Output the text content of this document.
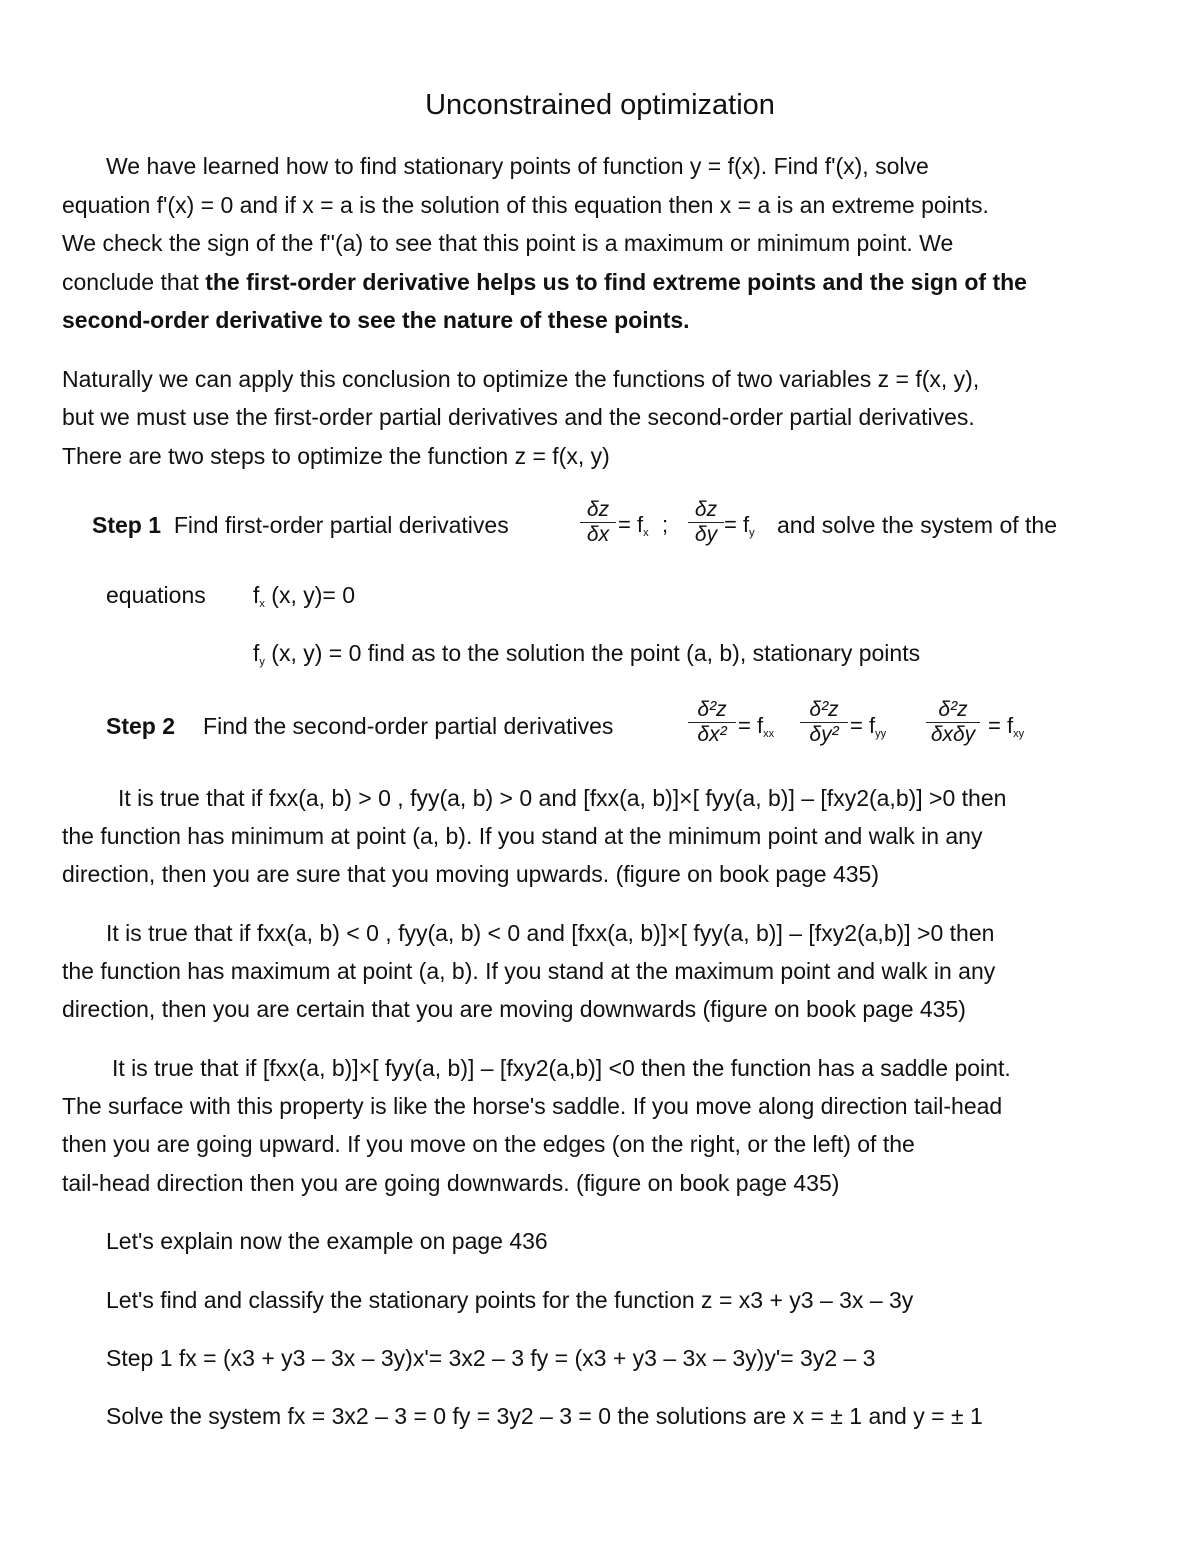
Unconstrained optimization
We have learned how to find stationary points of function y = f(x). Find f'(x), solve
equation f'(x) = 0 and if x = a is the solution of this equation then x = a is an extreme points.
We check the sign of the f''(a) to see that this point is a maximum or minimum point. We
conclude that the first-order derivative helps us to find extreme points and the sign of the
second-order derivative to see the nature of these points.
Naturally we can apply this conclusion to optimize the functions of two variables z = f(x, y),
but we must use the first-order partial derivatives and the second-order partial derivatives.
There are two steps to optimize the function z = f(x, y)
Step 1 Find first-order partial derivatives	$\frac{\delta z}{\delta x} = f_x$ ; $\frac{\delta z}{\delta y} = f_y$ and solve the system of the
equations $f_x$ (x, y)= 0
$f_y$ (x, y) = 0 find as to the solution the point (a, b), stationary points
Step 2 Find the second-order partial derivatives	$\frac{\text{δ²z}}{\text{δx²}} = f_{xx} \frac{\text{δ²z}}{\text{δy²}} = f_{yy}$
δ²z
$\delta x\delta y = f_{xy}$
It is true that if fxx(a, b) > 0 , fyy(a, b) > 0 and [fxx(a, b)]×[ fyy(a, b)] – [fxy2(a,b)] >0 then
the function has minimum at point (a, b). If you stand at the minimum point and walk in any
direction, then you are sure that you moving upwards. (figure on book page 435)
It is true that if fxx(a, b) < 0 , fyy(a, b) < 0 and [fxx(a, b)]×[ fyy(a, b)] – [fxy2(a,b)] >0 then
the function has maximum at point (a, b). If you stand at the maximum point and walk in any
direction, then you are certain that you are moving downwards (figure on book page 435)
It is true that if [fxx(a, b)]×[ fyy(a, b)] – [fxy2(a,b)] <0 then the function has a saddle point.
The surface with this property is like the horse's saddle. If you move along direction tail-head
then you are going upward. If you move on the edges (on the right, or the left) of the
tail-head direction then you are going downwards. (figure on book page 435)
Let's explain now the example on page 436
Let's find and classify the stationary points for the function z = x3 + y3 – 3x – 3y
Step 1 fx = (x3 + y3 – 3x – 3y)x'= 3x2 – 3 fy = (x3 + y3 – 3x – 3y)y'= 3y2 – 3
Solve the system fx = 3x2 – 3 = 0 fy = 3y2 – 3 = 0 the solutions are x = ± 1 and y = ± 1
